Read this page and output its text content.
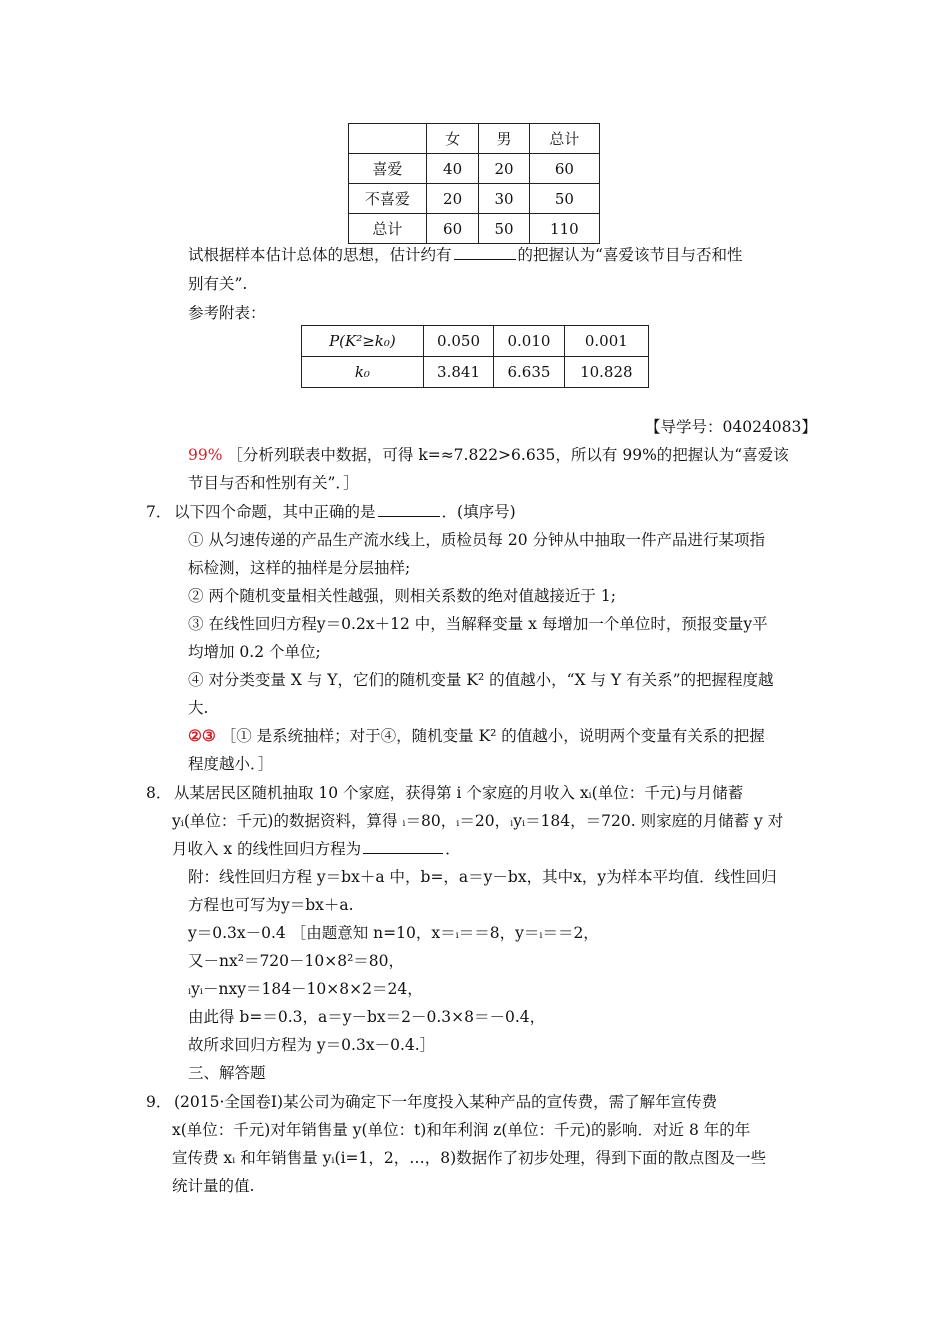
	女	男	总计
喜爱	40	20	60
不喜爱	20	30	50
总计	60	50	110
试根据样本估计总体的思想，估计约有	的把握认为“喜爱该节目与否和性
别有关”.
参考附表：
P(K²≥k₀)	0.050	0.010	0.001
k₀	3.841	6.635	10.828
【导学号：04024083】
99% ［分析列联表中数据，可得 k=≈7.822>6.635，所以有 99%的把握认为“喜爱该
节目与否和性别有关”．］
7． 以下四个命题，其中正确的是	．(填序号)
① 从匀速传递的产品生产流水线上，质检员每 20 分钟从中抽取一件产品进行某项指
标检测，这样的抽样是分层抽样;
② 两个随机变量相关性越强，则相关系数的绝对值越接近于 1;
③ 在线性回归方程y＝0.2x＋12 中，当解释变量 x 每增加一个单位时，预报变量y平
均增加 0.2 个单位;
④ 对分类变量 X 与 Y，它们的随机变量 K² 的值越小，“X 与 Y 有关系”的把握程度越
大.
②③ ［① 是系统抽样；对于④，随机变量 K² 的值越小，说明两个变量有关系的把握
程度越小．］
8． 从某居民区随机抽取 10 个家庭，获得第 i 个家庭的月收入 xᵢ(单位：千元)与月储蓄
yᵢ(单位：千元)的数据资料，算得 ᵢ＝80，ᵢ＝20，ᵢyᵢ＝184，＝720. 则家庭的月储蓄 y 对
月收入 x 的线性回归方程为	．
附：线性回归方程 y＝bx＋a 中，b=，a＝y－bx，其中x，y为样本平均值．线性回归
方程也可写为y＝bx＋a.
y＝0.3x－0.4 ［由题意知 n=10，x＝ᵢ＝＝8，y＝ᵢ＝＝2，
又－nx²＝720－10×8²＝80，
ᵢyᵢ－nxy＝184－10×8×2＝24，
由此得 b=＝0.3，a＝y－bx＝2－0.3×8＝－0.4，
故所求回归方程为 y＝0.3x－0.4.］
三、解答题
9． (2015·全国卷Ⅰ)某公司为确定下一年度投入某种产品的宣传费，需了解年宣传费
x(单位：千元)对年销售量 y(单位：t)和年利润 z(单位：千元)的影响．对近 8 年的年
宣传费 xᵢ 和年销售量 yᵢ(i=1，2，…，8)数据作了初步处理，得到下面的散点图及一些
统计量的值.
